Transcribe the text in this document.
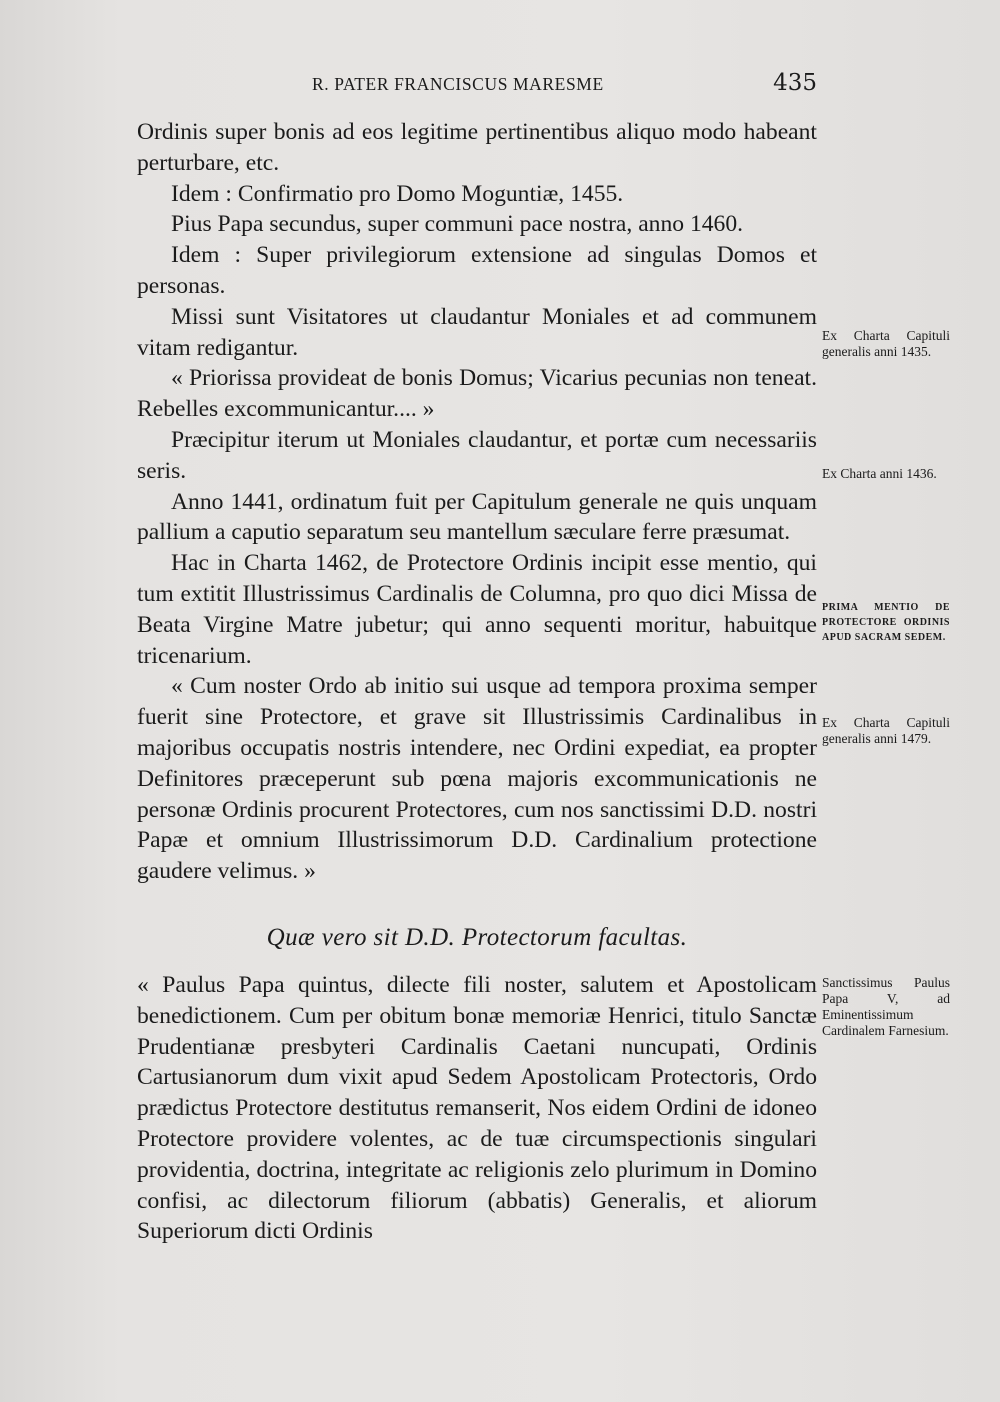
R. PATER FRANCISCUS MARESME	435

Ordinis super bonis ad eos legitime pertinentibus aliquo modo habeant perturbare, etc.

Idem : Confirmatio pro Domo Moguntiæ, 1455.

Pius Papa secundus, super communi pace nostra, anno 1460.

Idem : Super privilegiorum extensione ad singulas Domos et personas.

Missi sunt Visitatores ut claudantur Moniales et ad communem vitam redigantur.

« Priorissa provideat de bonis Domus; Vicarius pecunias non teneat. Rebelles excommunicantur.... »

Præcipitur iterum ut Moniales claudantur, et portæ cum necessariis seris.

Anno 1441, ordinatum fuit per Capitulum generale ne quis unquam pallium a caputio separatum seu mantellum sæculare ferre præsumat.

Hac in Charta 1462, de Protectore Ordinis incipit esse mentio, qui tum extitit Illustrissimus Cardinalis de Columna, pro quo dici Missa de Beata Virgine Matre jubetur; qui anno sequenti moritur, habuitque tricenarium.

« Cum noster Ordo ab initio sui usque ad tempora proxima semper fuerit sine Protectore, et grave sit Illustrissimis Cardinalibus in majoribus occupatis nostris intendere, nec Ordini expediat, ea propter Definitores præceperunt sub pœna majoris excommunicationis ne personæ Ordinis procurent Protectores, cum nos sanctissimi D.D. nostri Papæ et omnium Illustrissimorum D.D. Cardinalium protectione gaudere velimus. »

Quæ vero sit D.D. Protectorum facultas.

« Paulus Papa quintus, dilecte fili noster, salutem et Apostolicam benedictionem. Cum per obitum bonæ memoriæ Henrici, titulo Sanctæ Prudentianæ presbyteri Cardinalis Caetani nuncupati, Ordinis Cartusianorum dum vixit apud Sedem Apostolicam Protectoris, Ordo prædictus Protectore destitutus remanserit, Nos eidem Ordini de idoneo Protectore providere volentes, ac de tuæ circumspectionis singulari providentia, doctrina, integritate ac religionis zelo plurimum in Domino confisi, ac dilectorum filiorum (abbatis) Generalis, et aliorum Superiorum dicti Ordinis

Ex Charta Capituli generalis anni 1435.
Ex Charta anni 1436.
PRIMA MENTIO DE PROTECTORE ORDINIS APUD SACRAM SEDEM.
Ex Charta Capituli generalis anni 1479.
Sanctissimus Paulus Papa V, ad Eminentissimum Cardinalem Farnesium.
